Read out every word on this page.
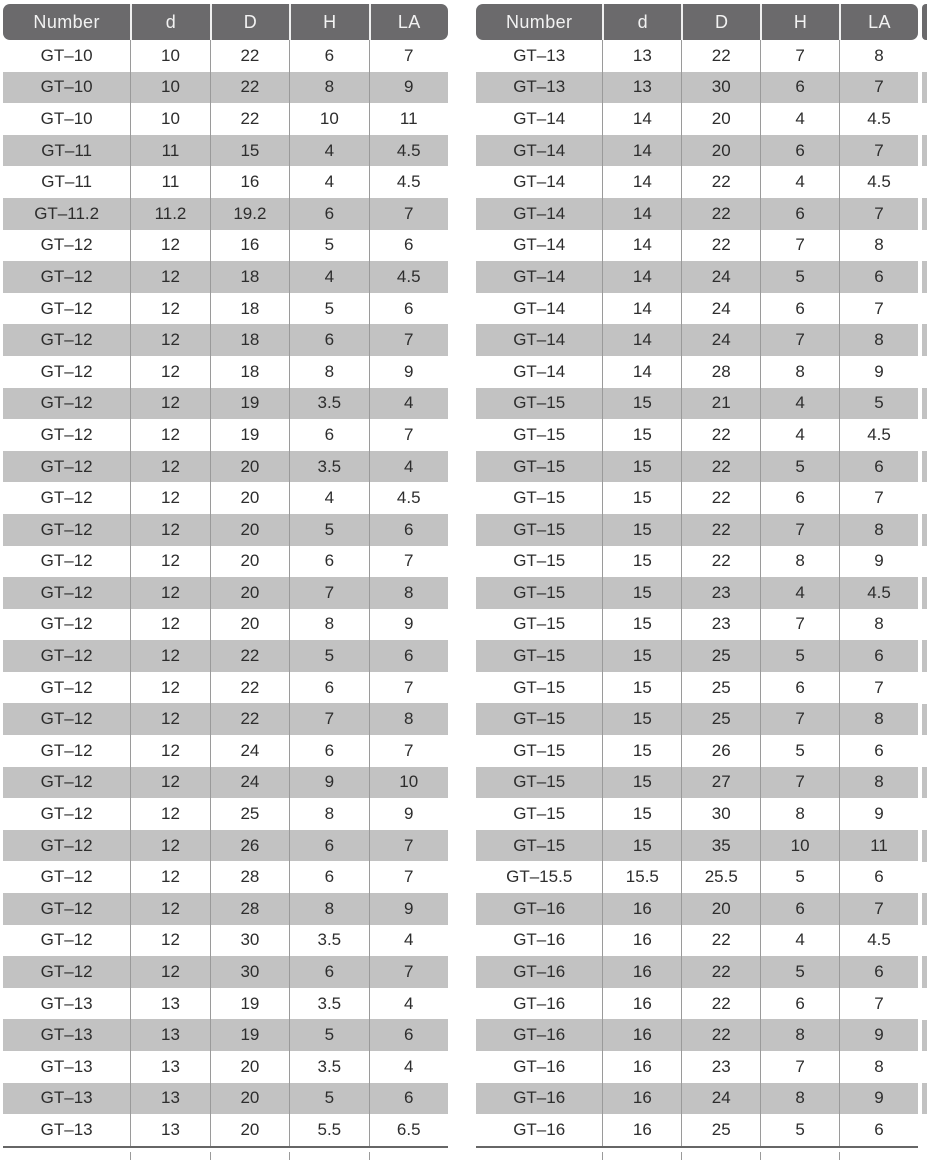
Number	d	D	H	LA
GT–10	10	22	6	7
GT–10	10	22	8	9
GT–10	10	22	10	11
GT–11	11	15	4	4.5
GT–11	11	16	4	4.5
GT–11.2	11.2	19.2	6	7
GT–12	12	16	5	6
GT–12	12	18	4	4.5
GT–12	12	18	5	6
GT–12	12	18	6	7
GT–12	12	18	8	9
GT–12	12	19	3.5	4
GT–12	12	19	6	7
GT–12	12	20	3.5	4
GT–12	12	20	4	4.5
GT–12	12	20	5	6
GT–12	12	20	6	7
GT–12	12	20	7	8
GT–12	12	20	8	9
GT–12	12	22	5	6
GT–12	12	22	6	7
GT–12	12	22	7	8
GT–12	12	24	6	7
GT–12	12	24	9	10
GT–12	12	25	8	9
GT–12	12	26	6	7
GT–12	12	28	6	7
GT–12	12	28	8	9
GT–12	12	30	3.5	4
GT–12	12	30	6	7
GT–13	13	19	3.5	4
GT–13	13	19	5	6
GT–13	13	20	3.5	4
GT–13	13	20	5	6
GT–13	13	20	5.5	6.5
Number	d	D	H	LA
GT–13	13	22	7	8
GT–13	13	30	6	7
GT–14	14	20	4	4.5
GT–14	14	20	6	7
GT–14	14	22	4	4.5
GT–14	14	22	6	7
GT–14	14	22	7	8
GT–14	14	24	5	6
GT–14	14	24	6	7
GT–14	14	24	7	8
GT–14	14	28	8	9
GT–15	15	21	4	5
GT–15	15	22	4	4.5
GT–15	15	22	5	6
GT–15	15	22	6	7
GT–15	15	22	7	8
GT–15	15	22	8	9
GT–15	15	23	4	4.5
GT–15	15	23	7	8
GT–15	15	25	5	6
GT–15	15	25	6	7
GT–15	15	25	7	8
GT–15	15	26	5	6
GT–15	15	27	7	8
GT–15	15	30	8	9
GT–15	15	35	10	11
GT–15.5	15.5	25.5	5	6
GT–16	16	20	6	7
GT–16	16	22	4	4.5
GT–16	16	22	5	6
GT–16	16	22	6	7
GT–16	16	22	8	9
GT–16	16	23	7	8
GT–16	16	24	8	9
GT–16	16	25	5	6
